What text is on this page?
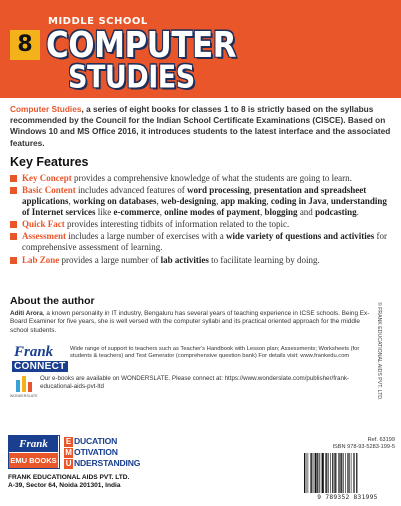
8
MIDDLE SCHOOL
COMPUTER
STUDIES

Computer Studies, a series of eight books for classes 1 to 8 is strictly based on the syllabus recommended by the Council for the Indian School Certificate Examinations (CISCE). Based on Windows 10 and MS Office 2016, it introduces students to the latest interface and the associated features.

Key Features
Key Concept provides a comprehensive knowledge of what the students are going to learn.
Basic Content includes advanced features of word processing, presentation and spreadsheet applications, working on databases, web-designing, app making, coding in Java, understanding of Internet services like e-commerce, online modes of payment, blogging and podcasting.
Quick Fact provides interesting tidbits of information related to the topic.
Assessment includes a large number of exercises with a wide variety of questions and activities for comprehensive assessment of learning.
Lab Zone provides a large number of lab activities to facilitate learning by doing.
About the author

Aditi Arora, a known personality in IT industry, Bengaluru has several years of teaching experience in ICSE schools. Being Ex-Board Examiner for five years, she is well versed with the computer syllabi and its practical oriented approach for the middle school students.	© FRANK EDUCATIONAL AIDS PVT. LTD.
Frank
CONNECT
Wide range of support to teachers such as Teacher's Handbook with Lesson plan; Assessments; Worksheets (for students & teachers) and Test Generator (comprehensive question bank) For details visit: www.frankedu.com
WONDERSLATE
Our e-books are available on WONDERSLATE. Please connect at: https://www.wonderslate.com/publisher/frank-educational-aids-pvt-ltd
Frank
EMU BOOKS
E DUCATION
M OTIVATION
U NDERSTANDING
FRANK EDUCATIONAL AIDS PVT. LTD.
A-39, Sector 64, Noida 201301, India
Ref. 63199
ISBN 978-93-5283-199-5
9 789352 831995
